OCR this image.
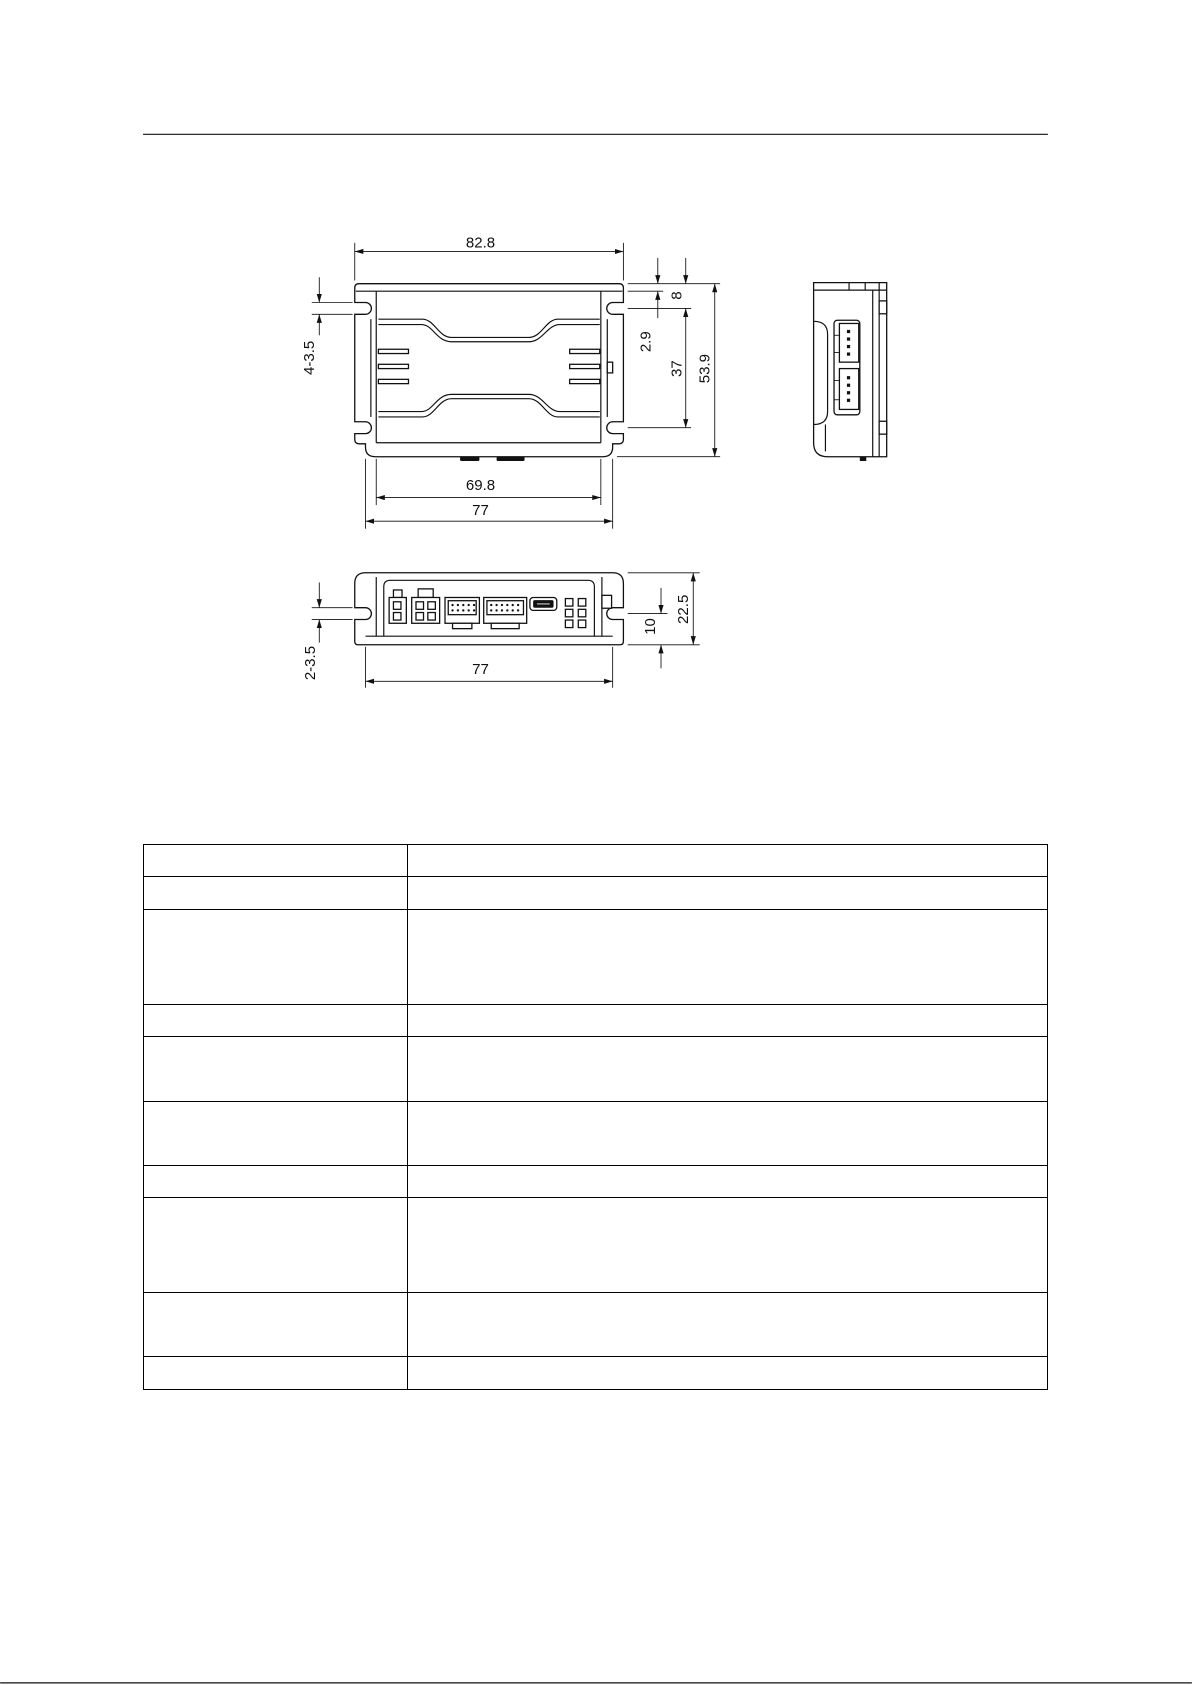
82.8
69.8
77
4-3.5	2.9
8
37 53.9
2-3.5	77
10
22.5
